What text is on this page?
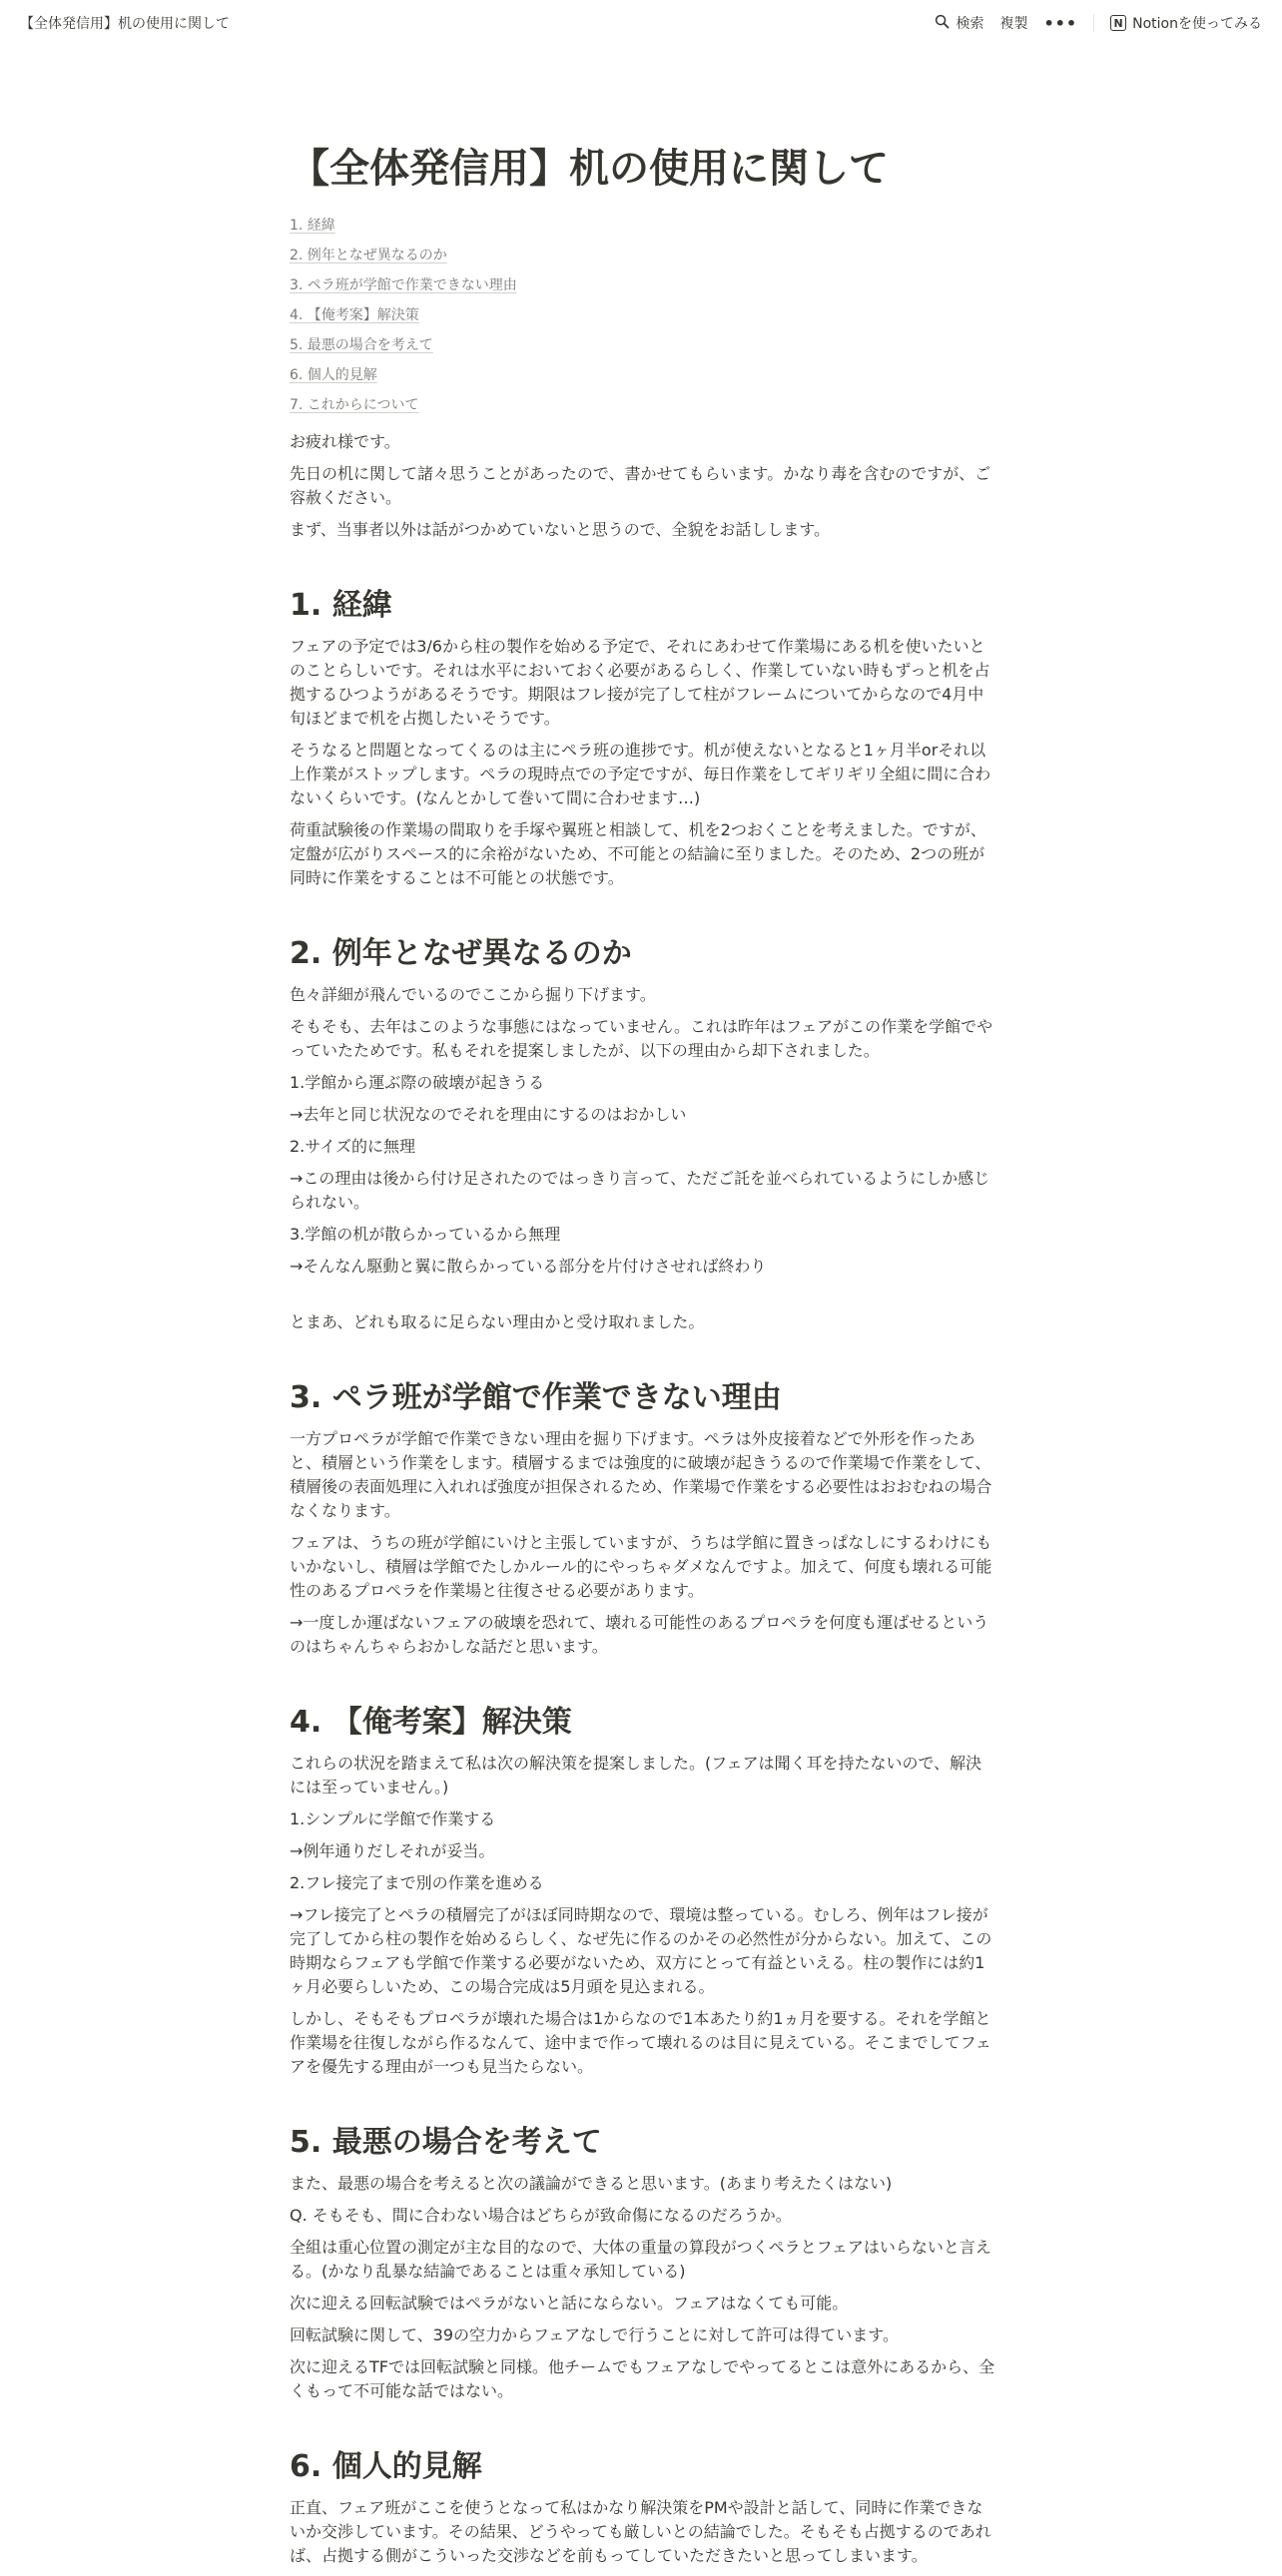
【全体発信用】机の使用に関して	検索 複製 •••	N Notionを使ってみる
【全体発信用】机の使用に関して
1. 経緯
2. 例年となぜ異なるのか
3. ペラ班が学館で作業できない理由
4. 【俺考案】解決策
5. 最悪の場合を考えて
6. 個人的見解
7. これからについて

お疲れ様です。

先日の机に関して諸々思うことがあったので、書かせてもらいます。かなり毒を含むのですが、ご容赦ください。

まず、当事者以外は話がつかめていないと思うので、全貌をお話しします。

1. 経緯

フェアの予定では3/6から柱の製作を始める予定で、それにあわせて作業場にある机を使いたいとのことらしいです。それは水平においておく必要があるらしく、作業していない時もずっと机を占拠するひつようがあるそうです。期限はフレ接が完了して柱がフレームについてからなので4月中旬ほどまで机を占拠したいそうです。

そうなると問題となってくるのは主にペラ班の進捗です。机が使えないとなると1ヶ月半orそれ以上作業がストップします。ペラの現時点での予定ですが、毎日作業をしてギリギリ全組に間に合わないくらいです。(なんとかして巻いて間に合わせます…)

荷重試験後の作業場の間取りを手塚や翼班と相談して、机を2つおくことを考えました。ですが、定盤が広がりスペース的に余裕がないため、不可能との結論に至りました。そのため、2つの班が同時に作業をすることは不可能との状態です。

2. 例年となぜ異なるのか

色々詳細が飛んでいるのでここから掘り下げます。

そもそも、去年はこのような事態にはなっていません。これは昨年はフェアがこの作業を学館でやっていたためです。私もそれを提案しましたが、以下の理由から却下されました。

1.学館から運ぶ際の破壊が起きうる

→去年と同じ状況なのでそれを理由にするのはおかしい

2.サイズ的に無理

→この理由は後から付け足されたのではっきり言って、ただご託を並べられているようにしか感じられない。

3.学館の机が散らかっているから無理

→そんなん駆動と翼に散らかっている部分を片付けさせれば終わり

とまあ、どれも取るに足らない理由かと受け取れました。

3. ペラ班が学館で作業できない理由

一方プロペラが学館で作業できない理由を掘り下げます。ペラは外皮接着などで外形を作ったあと、積層という作業をします。積層するまでは強度的に破壊が起きうるので作業場で作業をして、積層後の表面処理に入れれば強度が担保されるため、作業場で作業をする必要性はおおむねの場合なくなります。

フェアは、うちの班が学館にいけと主張していますが、うちは学館に置きっぱなしにするわけにもいかないし、積層は学館でたしかルール的にやっちゃダメなんですよ。加えて、何度も壊れる可能性のあるプロペラを作業場と往復させる必要があります。

→一度しか運ばないフェアの破壊を恐れて、壊れる可能性のあるプロペラを何度も運ばせるというのはちゃんちゃらおかしな話だと思います。

4. 【俺考案】解決策

これらの状況を踏まえて私は次の解決策を提案しました。(フェアは聞く耳を持たないので、解決には至っていません。)

1.シンプルに学館で作業する

→例年通りだしそれが妥当。

2.フレ接完了まで別の作業を進める

→フレ接完了とペラの積層完了がほぼ同時期なので、環境は整っている。むしろ、例年はフレ接が完了してから柱の製作を始めるらしく、なぜ先に作るのかその必然性が分からない。加えて、この時期ならフェアも学館で作業する必要がないため、双方にとって有益といえる。柱の製作には約1ヶ月必要らしいため、この場合完成は5月頭を見込まれる。

しかし、そもそもプロペラが壊れた場合は1からなので1本あたり約1ヵ月を要する。それを学館と作業場を往復しながら作るなんて、途中まで作って壊れるのは目に見えている。そこまでしてフェアを優先する理由が一つも見当たらない。

5. 最悪の場合を考えて

また、最悪の場合を考えると次の議論ができると思います。(あまり考えたくはない)

Q. そもそも、間に合わない場合はどちらが致命傷になるのだろうか。

全組は重心位置の測定が主な目的なので、大体の重量の算段がつくペラとフェアはいらないと言える。(かなり乱暴な結論であることは重々承知している)

次に迎える回転試験ではペラがないと話にならない。フェアはなくても可能。

回転試験に関して、39の空力からフェアなしで行うことに対して許可は得ています。

次に迎えるTFでは回転試験と同様。他チームでもフェアなしでやってるとこは意外にあるから、全くもって不可能な話ではない。

6. 個人的見解

正直、フェア班がここを使うとなって私はかなり解決策をPMや設計と話して、同時に作業できないか交渉しています。その結果、どうやっても厳しいとの結論でした。そもそも占拠するのであれば、占拠する側がこういった交渉などを前もってしていただきたいと思ってしまいます。
